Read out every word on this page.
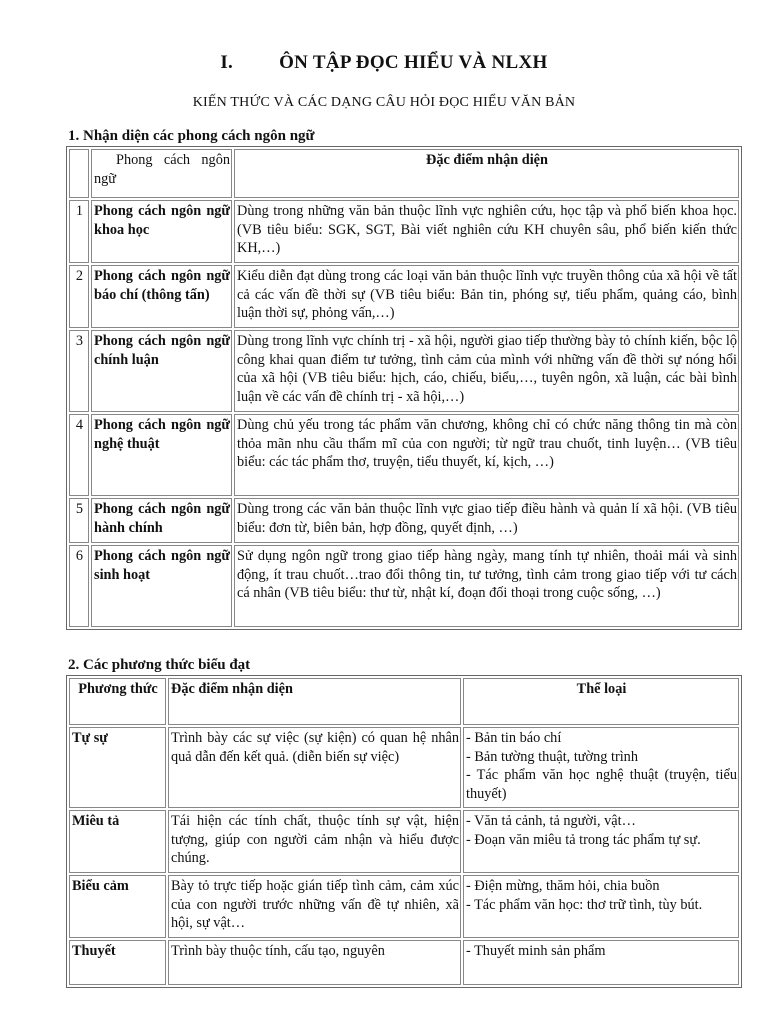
I. ÔN TẬP ĐỌC HIỂU VÀ NLXH
KIẾN THỨC VÀ CÁC DẠNG CÂU HỎI ĐỌC HIỂU VĂN BẢN
1. Nhận diện các phong cách ngôn ngữ
	Phong cách ngôn ngữ	Đặc điểm nhận diện
1	Phong cách ngôn ngữ khoa học	Dùng trong những văn bản thuộc lĩnh vực nghiên cứu, học tập và phổ biến khoa học. (VB tiêu biểu: SGK, SGT, Bài viết nghiên cứu KH chuyên sâu, phổ biến kiến thức KH,…)
2	Phong cách ngôn ngữ báo chí (thông tấn)	Kiểu diễn đạt dùng trong các loại văn bản thuộc lĩnh vực truyền thông của xã hội về tất cả các vấn đề thời sự (VB tiêu biểu: Bản tin, phóng sự, tiểu phẩm, quảng cáo, bình luận thời sự, phỏng vấn,…)
3	Phong cách ngôn ngữ chính luận	Dùng trong lĩnh vực chính trị - xã hội, người giao tiếp thường bày tỏ chính kiến, bộc lộ công khai quan điểm tư tưởng, tình cảm của mình với những vấn đề thời sự nóng hổi của xã hội (VB tiêu biểu: hịch, cáo, chiếu, biểu,…, tuyên ngôn, xã luận, các bài bình luận về các vấn đề chính trị - xã hội,…)
4	Phong cách ngôn ngữ nghệ thuật	Dùng chủ yếu trong tác phẩm văn chương, không chỉ có chức năng thông tin mà còn thỏa mãn nhu cầu thẩm mĩ của con người; từ ngữ trau chuốt, tinh luyện… (VB tiêu biểu: các tác phẩm thơ, truyện, tiểu thuyết, kí, kịch, …)
5	Phong cách ngôn ngữ hành chính	Dùng trong các văn bản thuộc lĩnh vực giao tiếp điều hành và quản lí xã hội. (VB tiêu biểu: đơn từ, biên bản, hợp đồng, quyết định, …)
6	Phong cách ngôn ngữ sinh hoạt	Sử dụng ngôn ngữ trong giao tiếp hàng ngày, mang tính tự nhiên, thoải mái và sinh động, ít trau chuốt…trao đổi thông tin, tư tưởng, tình cảm trong giao tiếp với tư cách cá nhân (VB tiêu biểu: thư từ, nhật kí, đoạn đối thoại trong cuộc sống, …)
2. Các phương thức biểu đạt
Phương thức	Đặc điểm nhận diện	Thể loại
Tự sự	Trình bày các sự việc (sự kiện) có quan hệ nhân quả dẫn đến kết quả. (diễn biến sự việc)	- Bản tin báo chí
- Bản tường thuật, tường trình
- Tác phẩm văn học nghệ thuật (truyện, tiểu thuyết)

Miêu tả	Tái hiện các tính chất, thuộc tính sự vật, hiện tượng, giúp con người cảm nhận và hiểu được chúng.	- Văn tả cảnh, tả người, vật…
- Đoạn văn miêu tả trong tác phẩm tự sự.

Biểu cảm	Bày tỏ trực tiếp hoặc gián tiếp tình cảm, cảm xúc của con người trước những vấn đề tự nhiên, xã hội, sự vật…	- Điện mừng, thăm hỏi, chia buồn
- Tác phẩm văn học: thơ trữ tình, tùy bút.

Thuyết	Trình bày thuộc tính, cấu tạo, nguyên	- Thuyết minh sản phẩm
